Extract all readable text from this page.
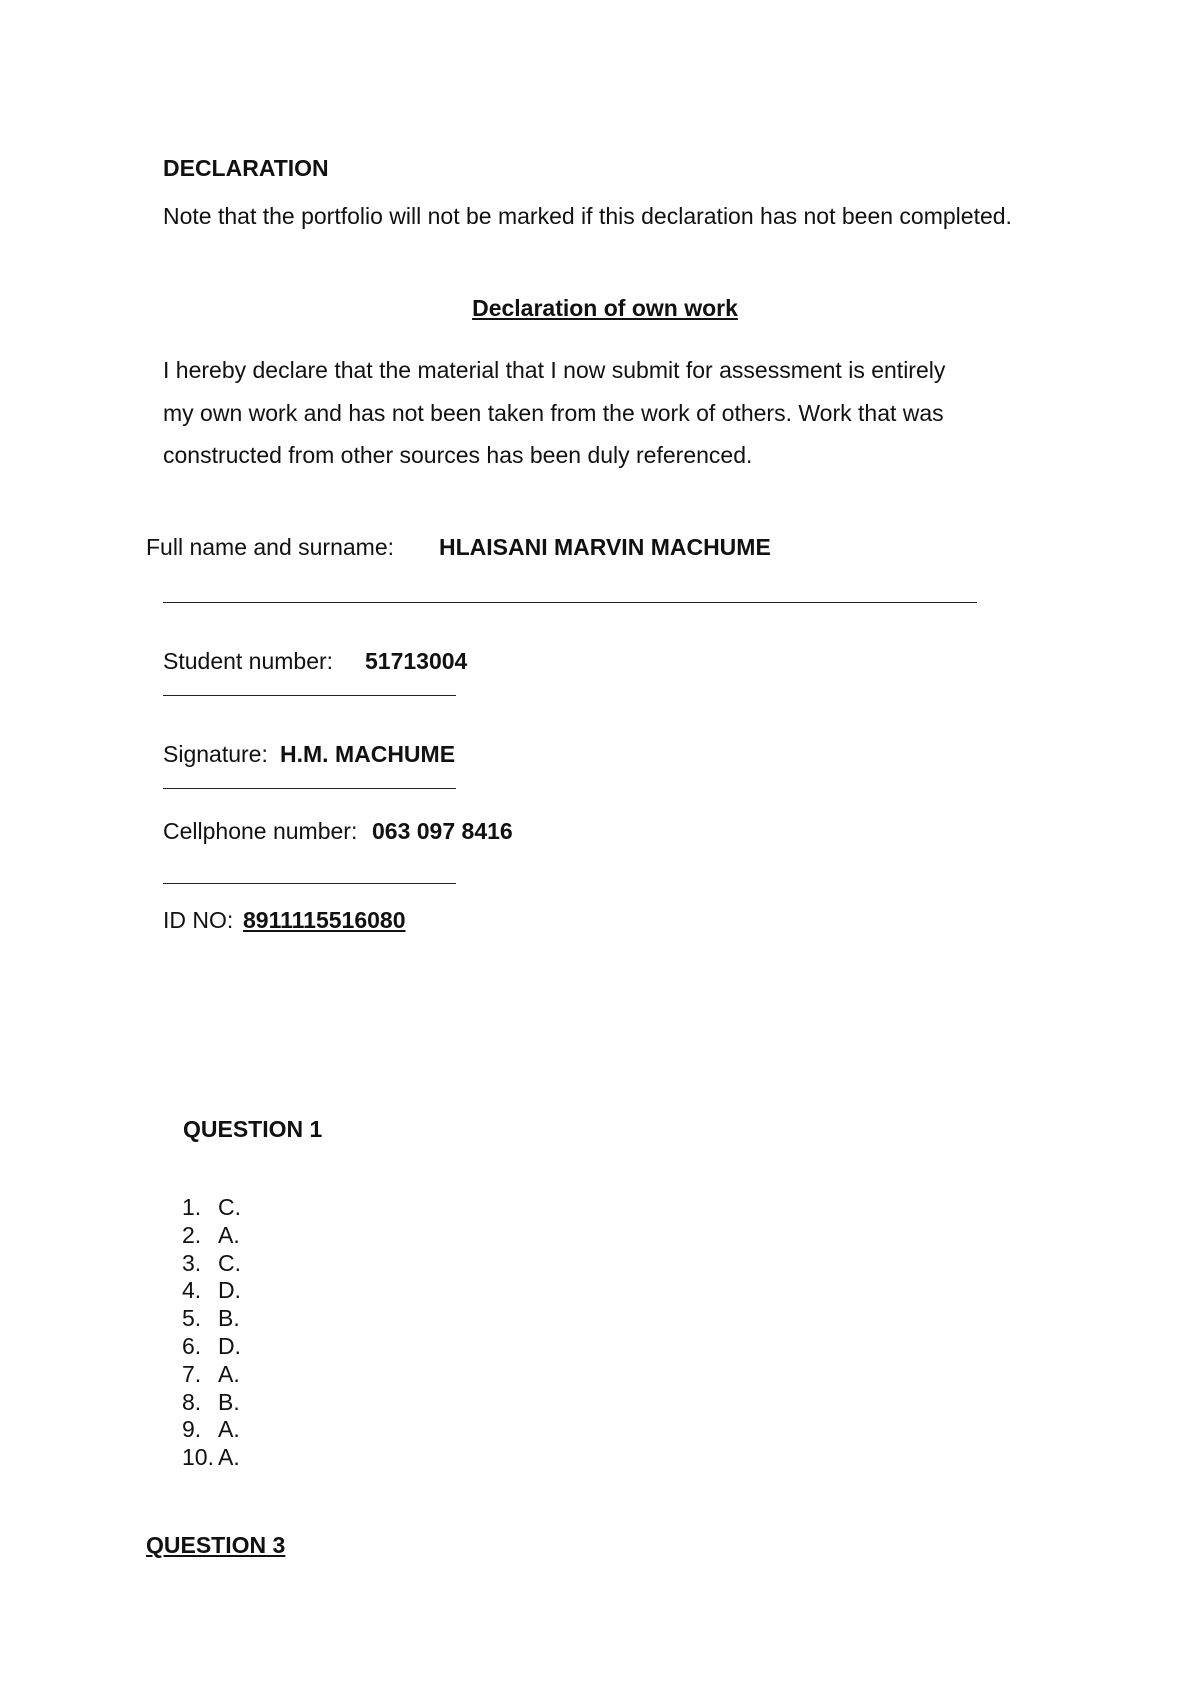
DECLARATION
Note that the portfolio will not be marked if this declaration has not been completed.
Declaration of own work
I hereby declare that the material that I now submit for assessment is entirely
my own work and has not been taken from the work of others. Work that was
constructed from other sources has been duly referenced.
Full name and surname: HLAISANI MARVIN MACHUME
Student number: 51713004
Signature: H.M. MACHUME
Cellphone number: 063 097 8416
ID NO: 8911115516080
QUESTION 1
1. C.
2. A.
3. C.
4. D.
5. B.
6. D.
7. A.
8. B.
9. A.
10. A.
QUESTION 3
